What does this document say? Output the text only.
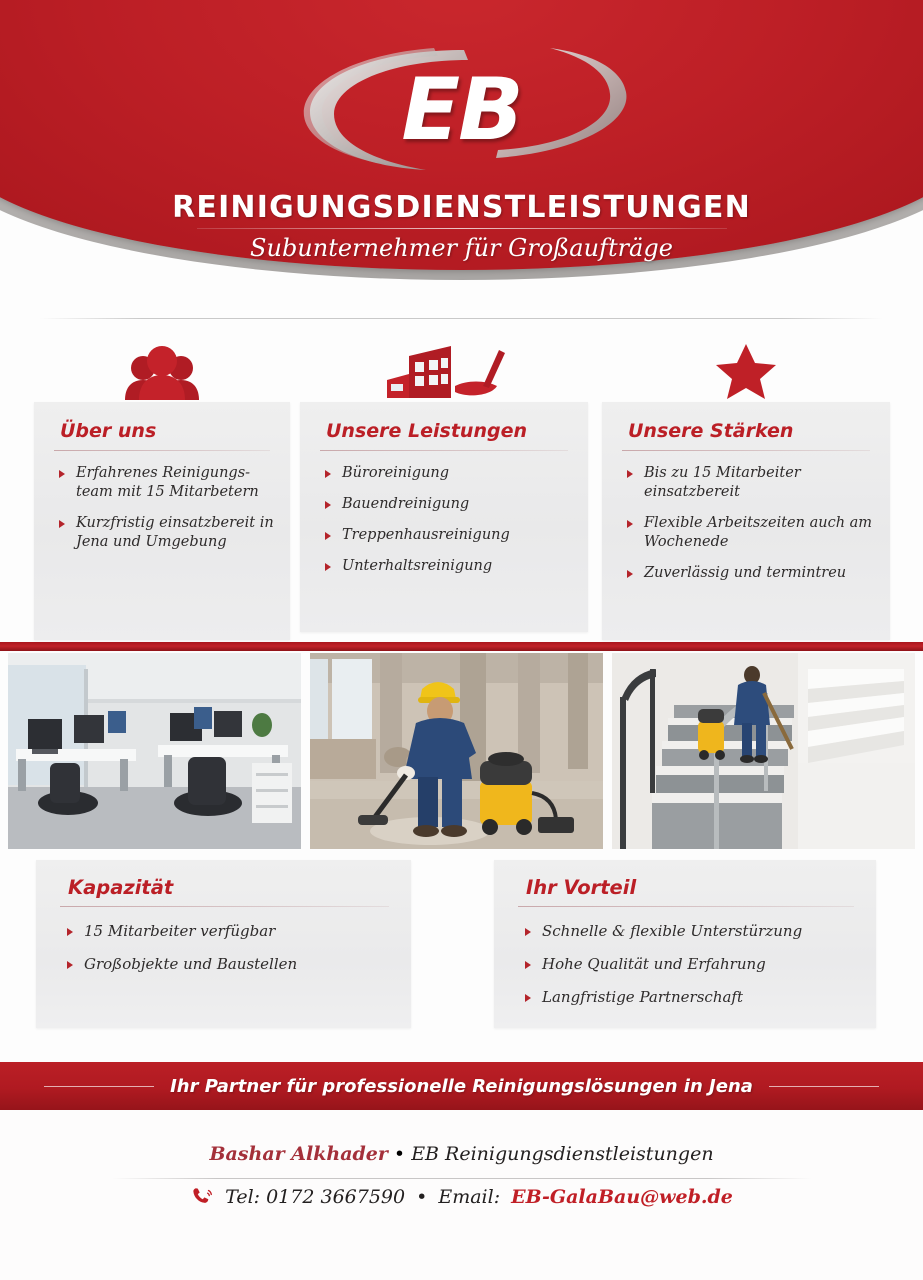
EB
REINIGUNGSDIENSTLEISTUNGEN
Subunternehmer für Großaufträge
Über uns
Erfahrenes Reinigungs-team mit 15 Mitarbetern
Kurzfristig einsatzbereit in Jena und Umgebung
Unsere Leistungen
Büroreinigung
Bauendreinigung
Treppenhausreinigung
Unterhaltsreinigung
Unsere Stärken
Bis zu 15 Mitarbeiter einsatzbereit
Flexible Arbeitszeiten auch am Wochenede
Zuverlässig und termintreu
Kapazität
15 Mitarbeiter verfügbar
Großobjekte und Baustellen
Ihr Vorteil
Schnelle & flexible Unterstürzung
Hohe Qualität und Erfahrung
Langfristige Partnerschaft
Ihr Partner für professionelle Reinigungslösungen in Jena
Bashar Alkhader • EB Reinigungsdienstleistungen
Tel: 0172 3667590 • Email: EB-GalaBau@web.de
